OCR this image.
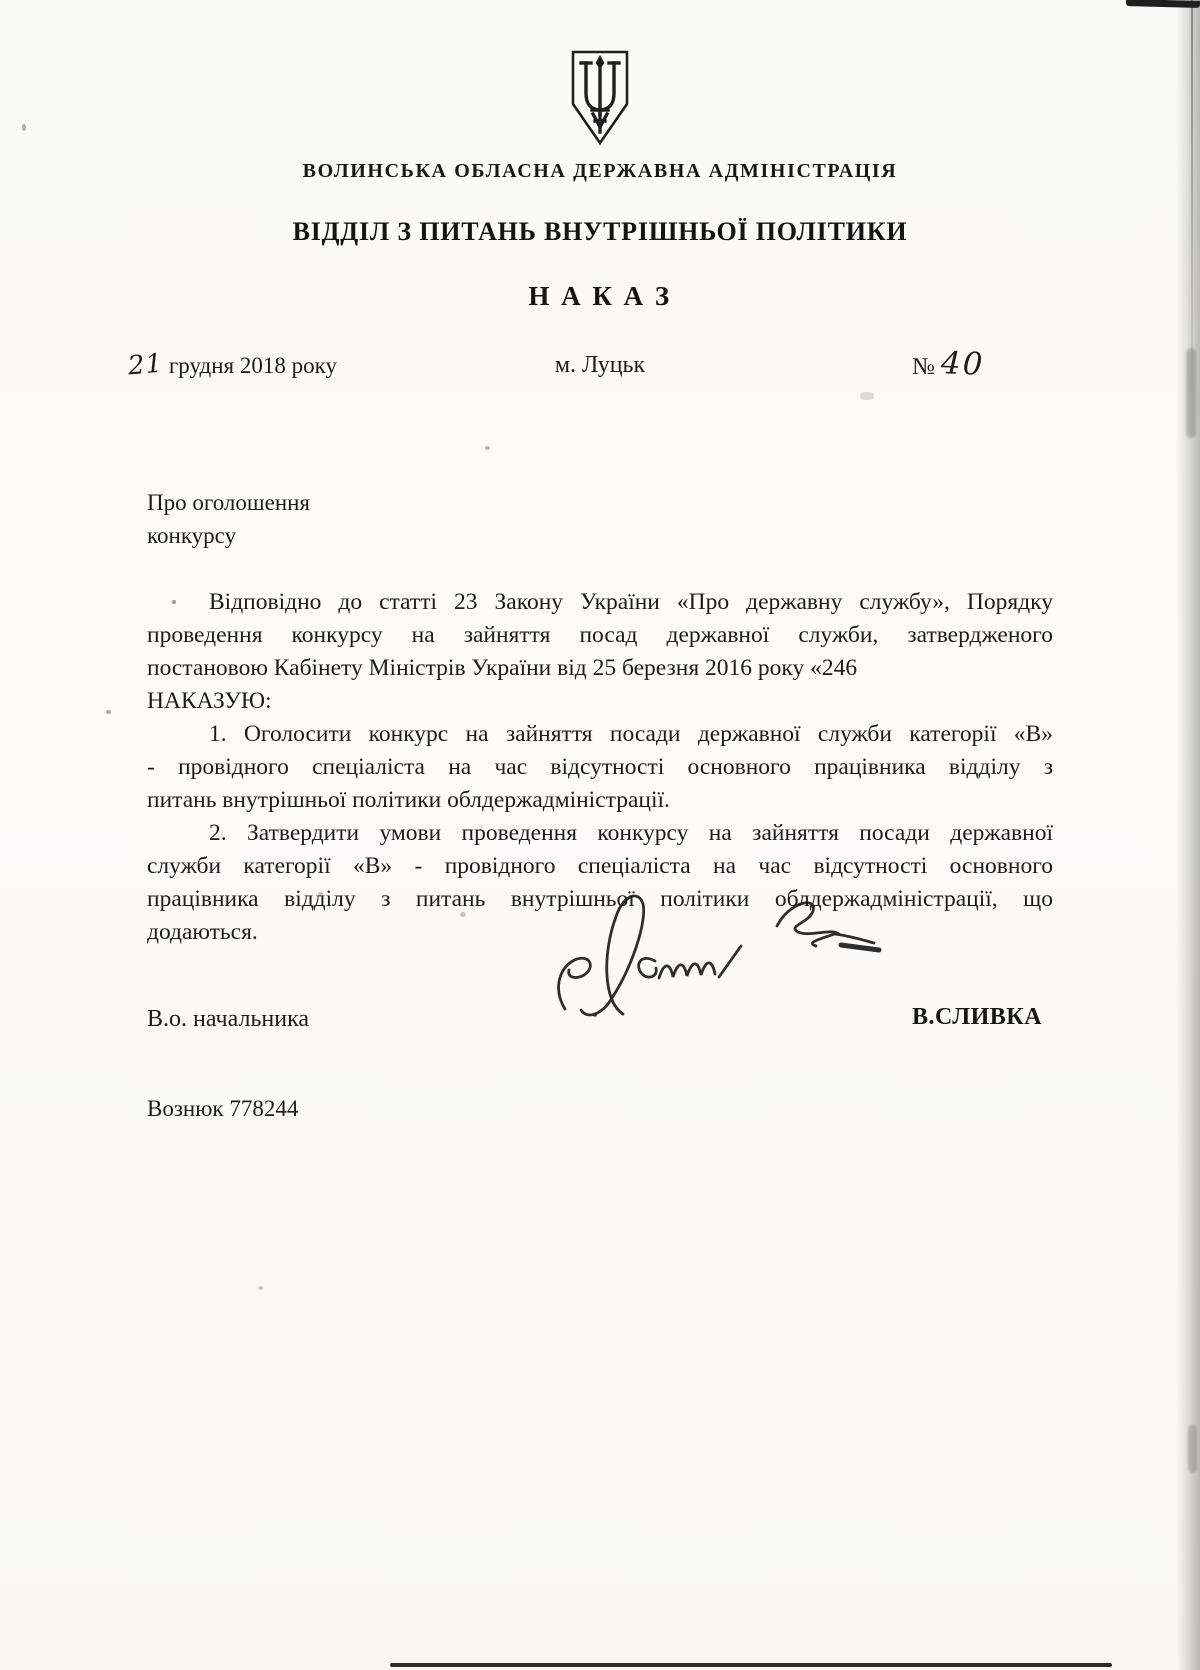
ВОЛИНСЬКА ОБЛАСНА ДЕРЖАВНА АДМІНІСТРАЦІЯ
ВІДДІЛ З ПИТАНЬ ВНУТРІШНЬОЇ ПОЛІТИКИ
Н А К А З
21 грудня 2018 року	м. Луцьк	№ 40
Про оголошення
конкурсу
Відповідно до статті 23 Закону України «Про державну службу», Порядку
проведення конкурсу на зайняття посад державної служби, затвердженого
постановою Кабінету Міністрів України від 25 березня 2016 року «246
НАКАЗУЮ:
1. Оголосити конкурс на зайняття посади державної служби категорії «В»
- провідного спеціаліста на час відсутності основного працівника відділу з
питань внутрішньої політики облдержадміністрації.
2. Затвердити умови проведення конкурсу на зайняття посади державної
служби категорії «В» - провідного спеціаліста на час відсутності основного
працівника відділу з питань внутрішньої політики облдержадміністрації, що
додаються.
В.о. начальника	В.СЛИВКА
Вознюк 778244
